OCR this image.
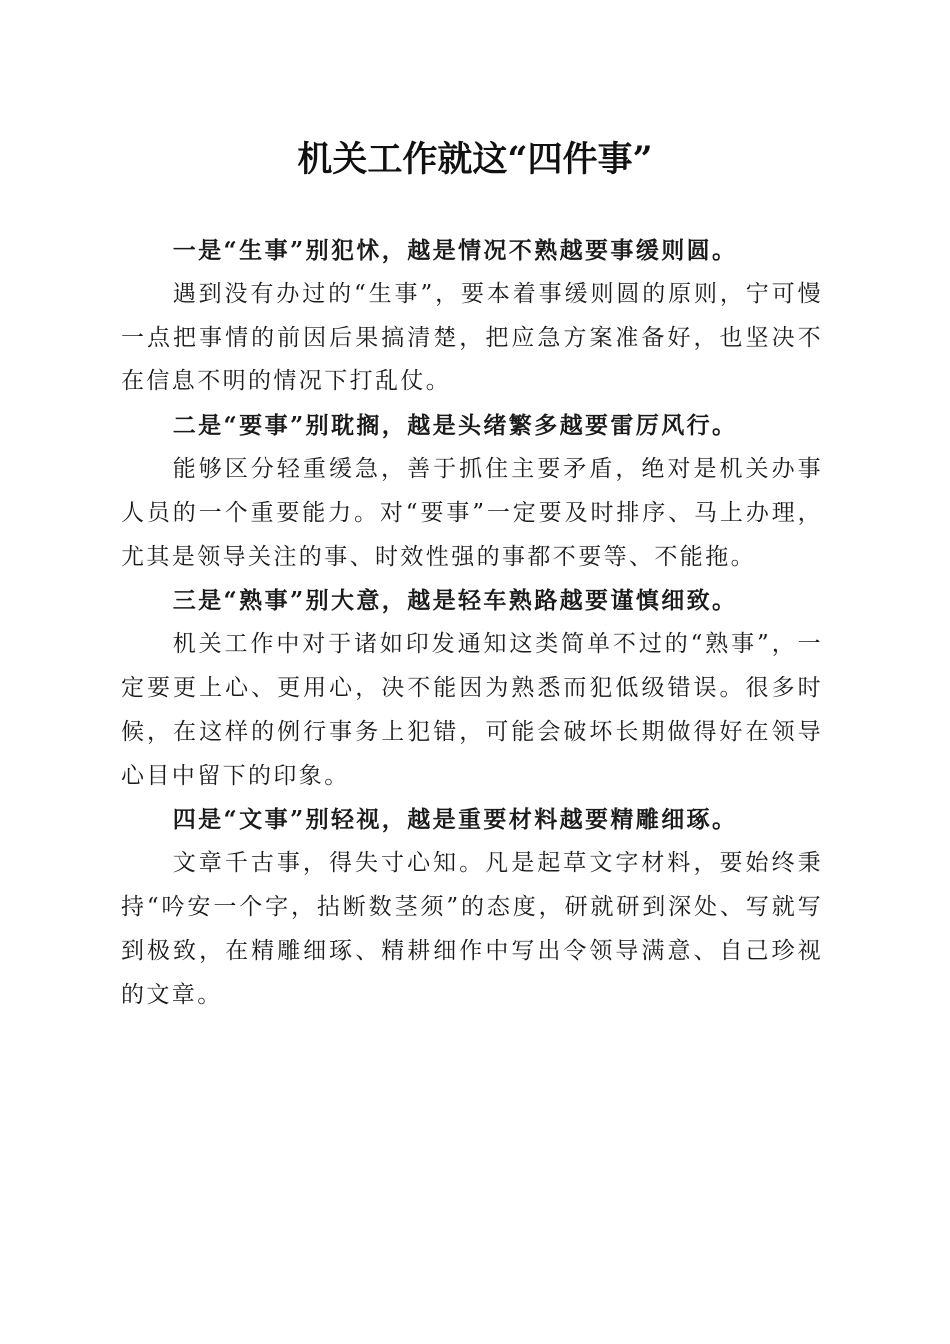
机关工作就这“四件事”

一是“生事”别犯怵，越是情况不熟越要事缓则圆。

遇到没有办过的“生事”，要本着事缓则圆的原则，宁可慢一点把事情的前因后果搞清楚，把应急方案准备好，也坚决不在信息不明的情况下打乱仗。

二是“要事”别耽搁，越是头绪繁多越要雷厉风行。

能够区分轻重缓急，善于抓住主要矛盾，绝对是机关办事人员的一个重要能力。对“要事”一定要及时排序、马上办理，尤其是领导关注的事、时效性强的事都不要等、不能拖。

三是“熟事”别大意，越是轻车熟路越要谨慎细致。

机关工作中对于诸如印发通知这类简单不过的“熟事”，一定要更上心、更用心，决不能因为熟悉而犯低级错误。很多时候，在这样的例行事务上犯错，可能会破坏长期做得好在领导心目中留下的印象。

四是“文事”别轻视，越是重要材料越要精雕细琢。

文章千古事，得失寸心知。凡是起草文字材料，要始终秉持“吟安一个字，拈断数茎须”的态度，研就研到深处、写就写到极致，在精雕细琢、精耕细作中写出令领导满意、自己珍视的文章。
